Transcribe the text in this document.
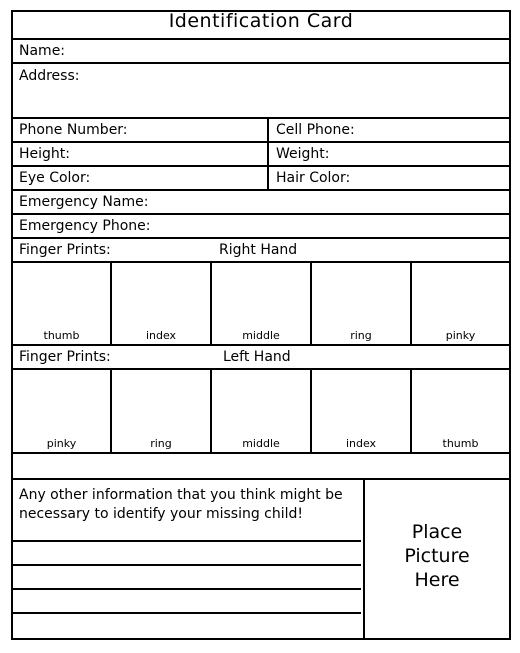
Identification Card
Name:
Address:
Phone Number:	Cell Phone:
Height:	Weight:
Eye Color:	Hair Color:
Emergency Name:
Emergency Phone:
Finger Prints:	Right Hand
thumb	index	middle	ring	pinky
Finger Prints:	Left Hand
pinky	ring	middle	index	thumb
Any other information that you think might be necessary to identify your missing child!
Place
Picture
Here
